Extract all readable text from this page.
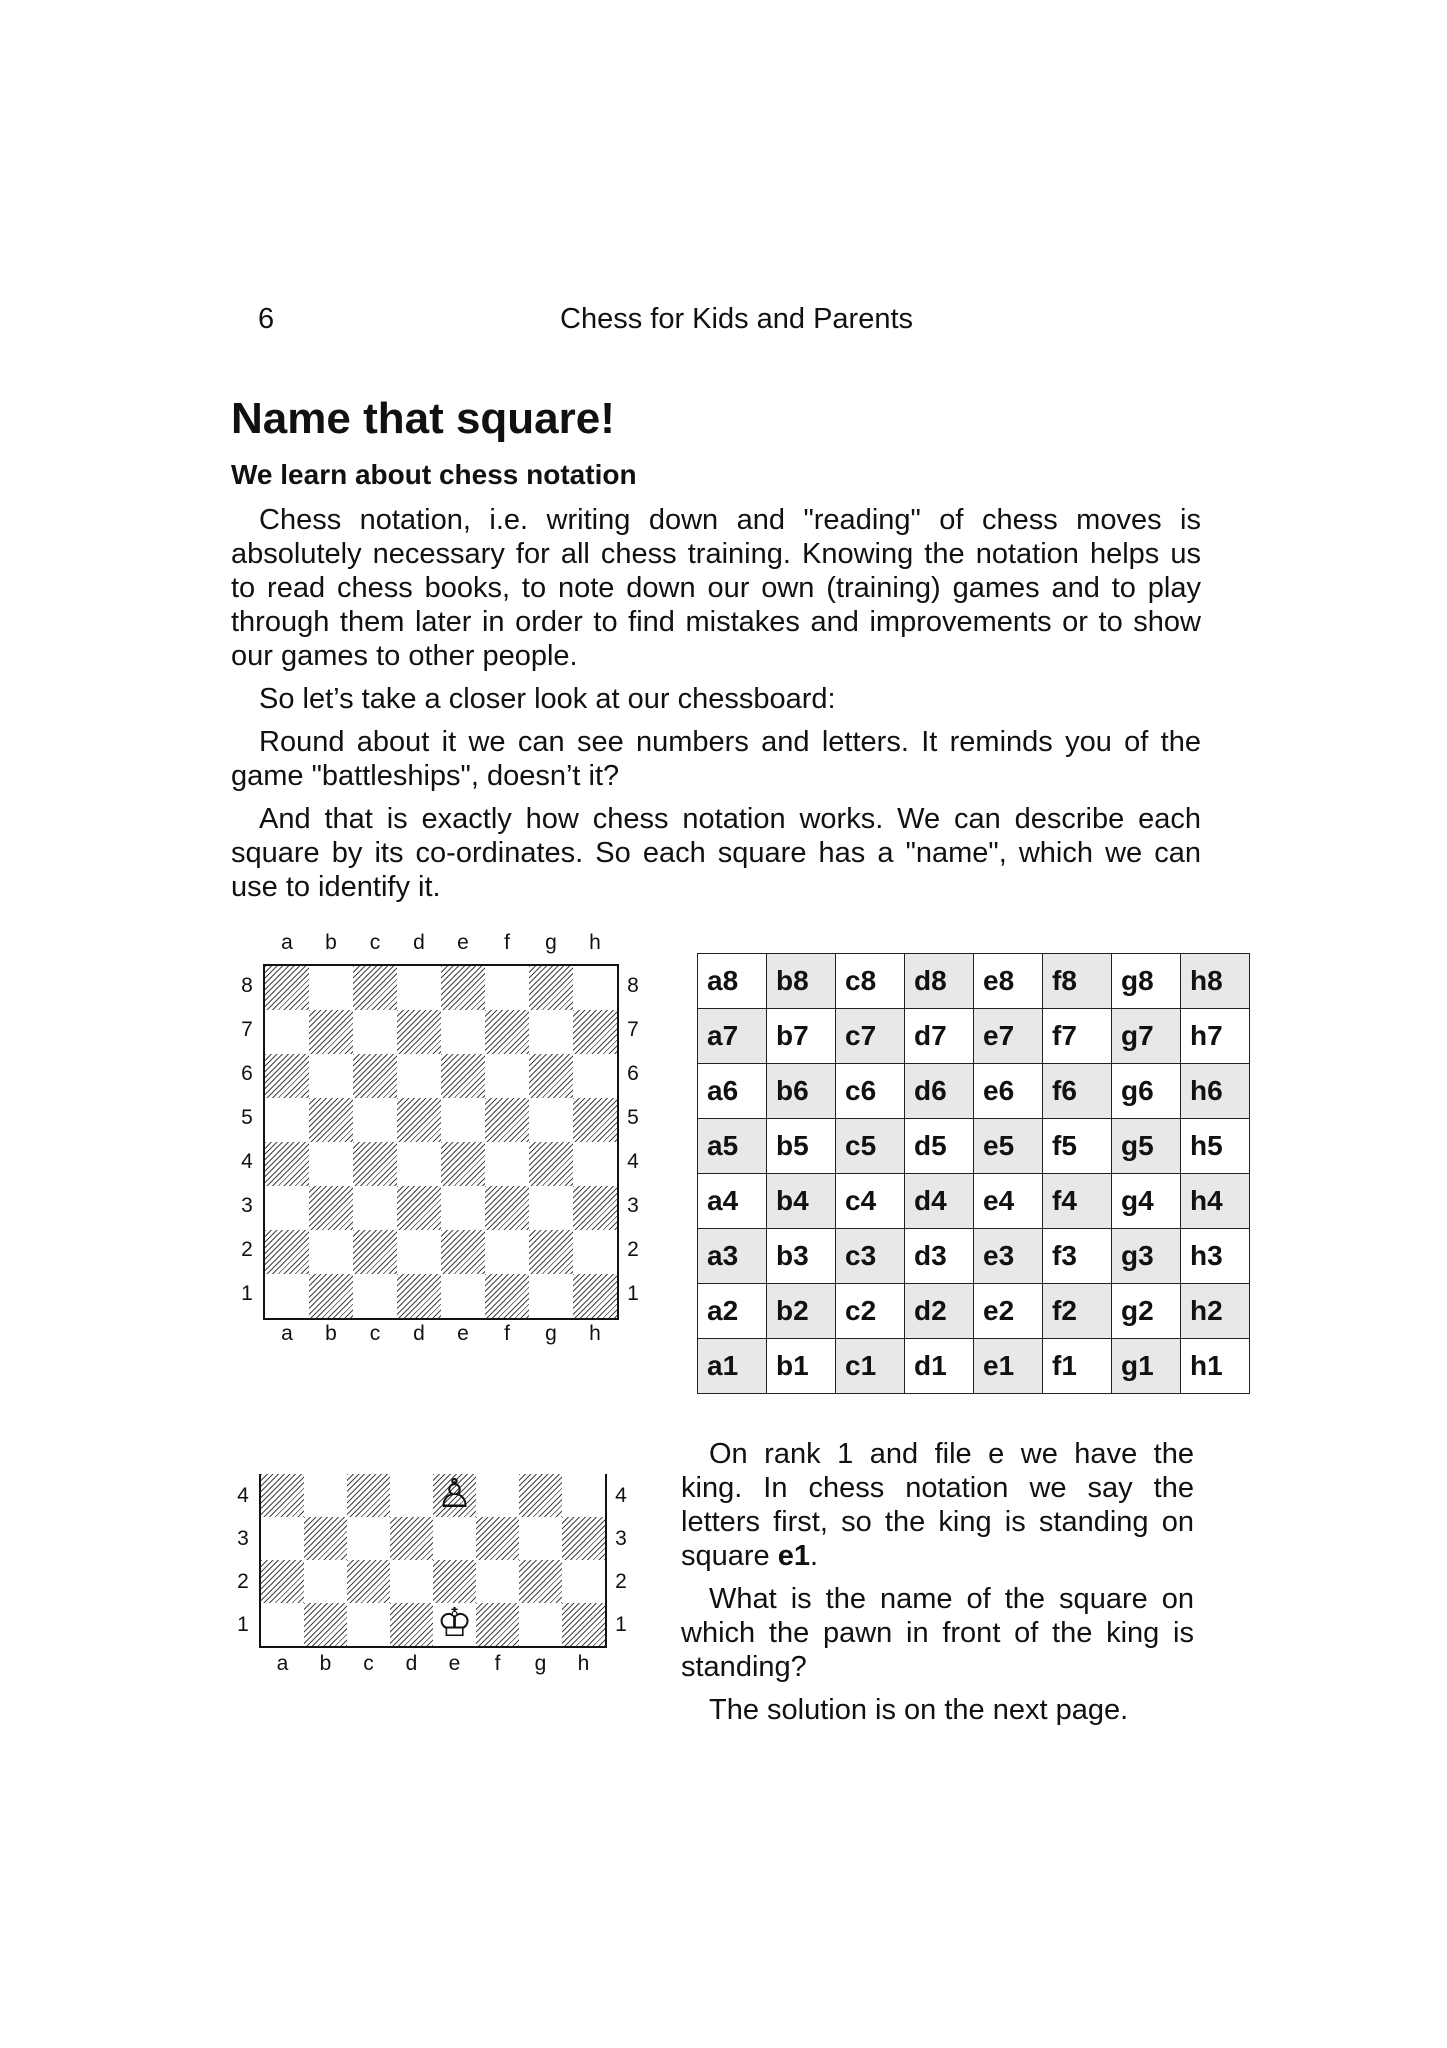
6	Chess for Kids and Parents
Name that square!
We learn about chess notation

Chess notation, i.e. writing down and "reading" of chess moves is absolutely necessary for all chess training. Knowing the notation helps us to read chess books, to note down our own (training) games and to play through them later in order to find mistakes and improvements or to show our games to other people.

So let’s take a closer look at our chessboard:

Round about it we can see numbers and letters. It reminds you of the game "battleships", doesn’t it?

And that is exactly how chess notation works. We can describe each square by its co-ordinates. So each square has a "name", which we can use to identify it.

a	b	c	d	e	f	g	h
a	b	c	d	e	f	g	h
8	8
7	7
6	6
5	5
4	4
3	3
2	2
1	1
a8	b8	c8	d8	e8	f8	g8	h8
a7	b7	c7	d7	e7	f7	g7	h7
a6	b6	c6	d6	e6	f6	g6	h6
a5	b5	c5	d5	e5	f5	g5	h5
a4	b4	c4	d4	e4	f4	g4	h4
a3	b3	c3	d3	e3	f3	g3	h3
a2	b2	c2	d2	e2	f2	g2	h2
a1	b1	c1	d1	e1	f1	g1	h1
a	b	c	d	e	f	g	h
4	4
3	3
2	2
1	1
♙
♔

On rank 1 and file e we have the king. In chess notation we say the letters first, so the king is standing on square e1.

What is the name of the square on which the pawn in front of the king is standing?

The solution is on the next page.
